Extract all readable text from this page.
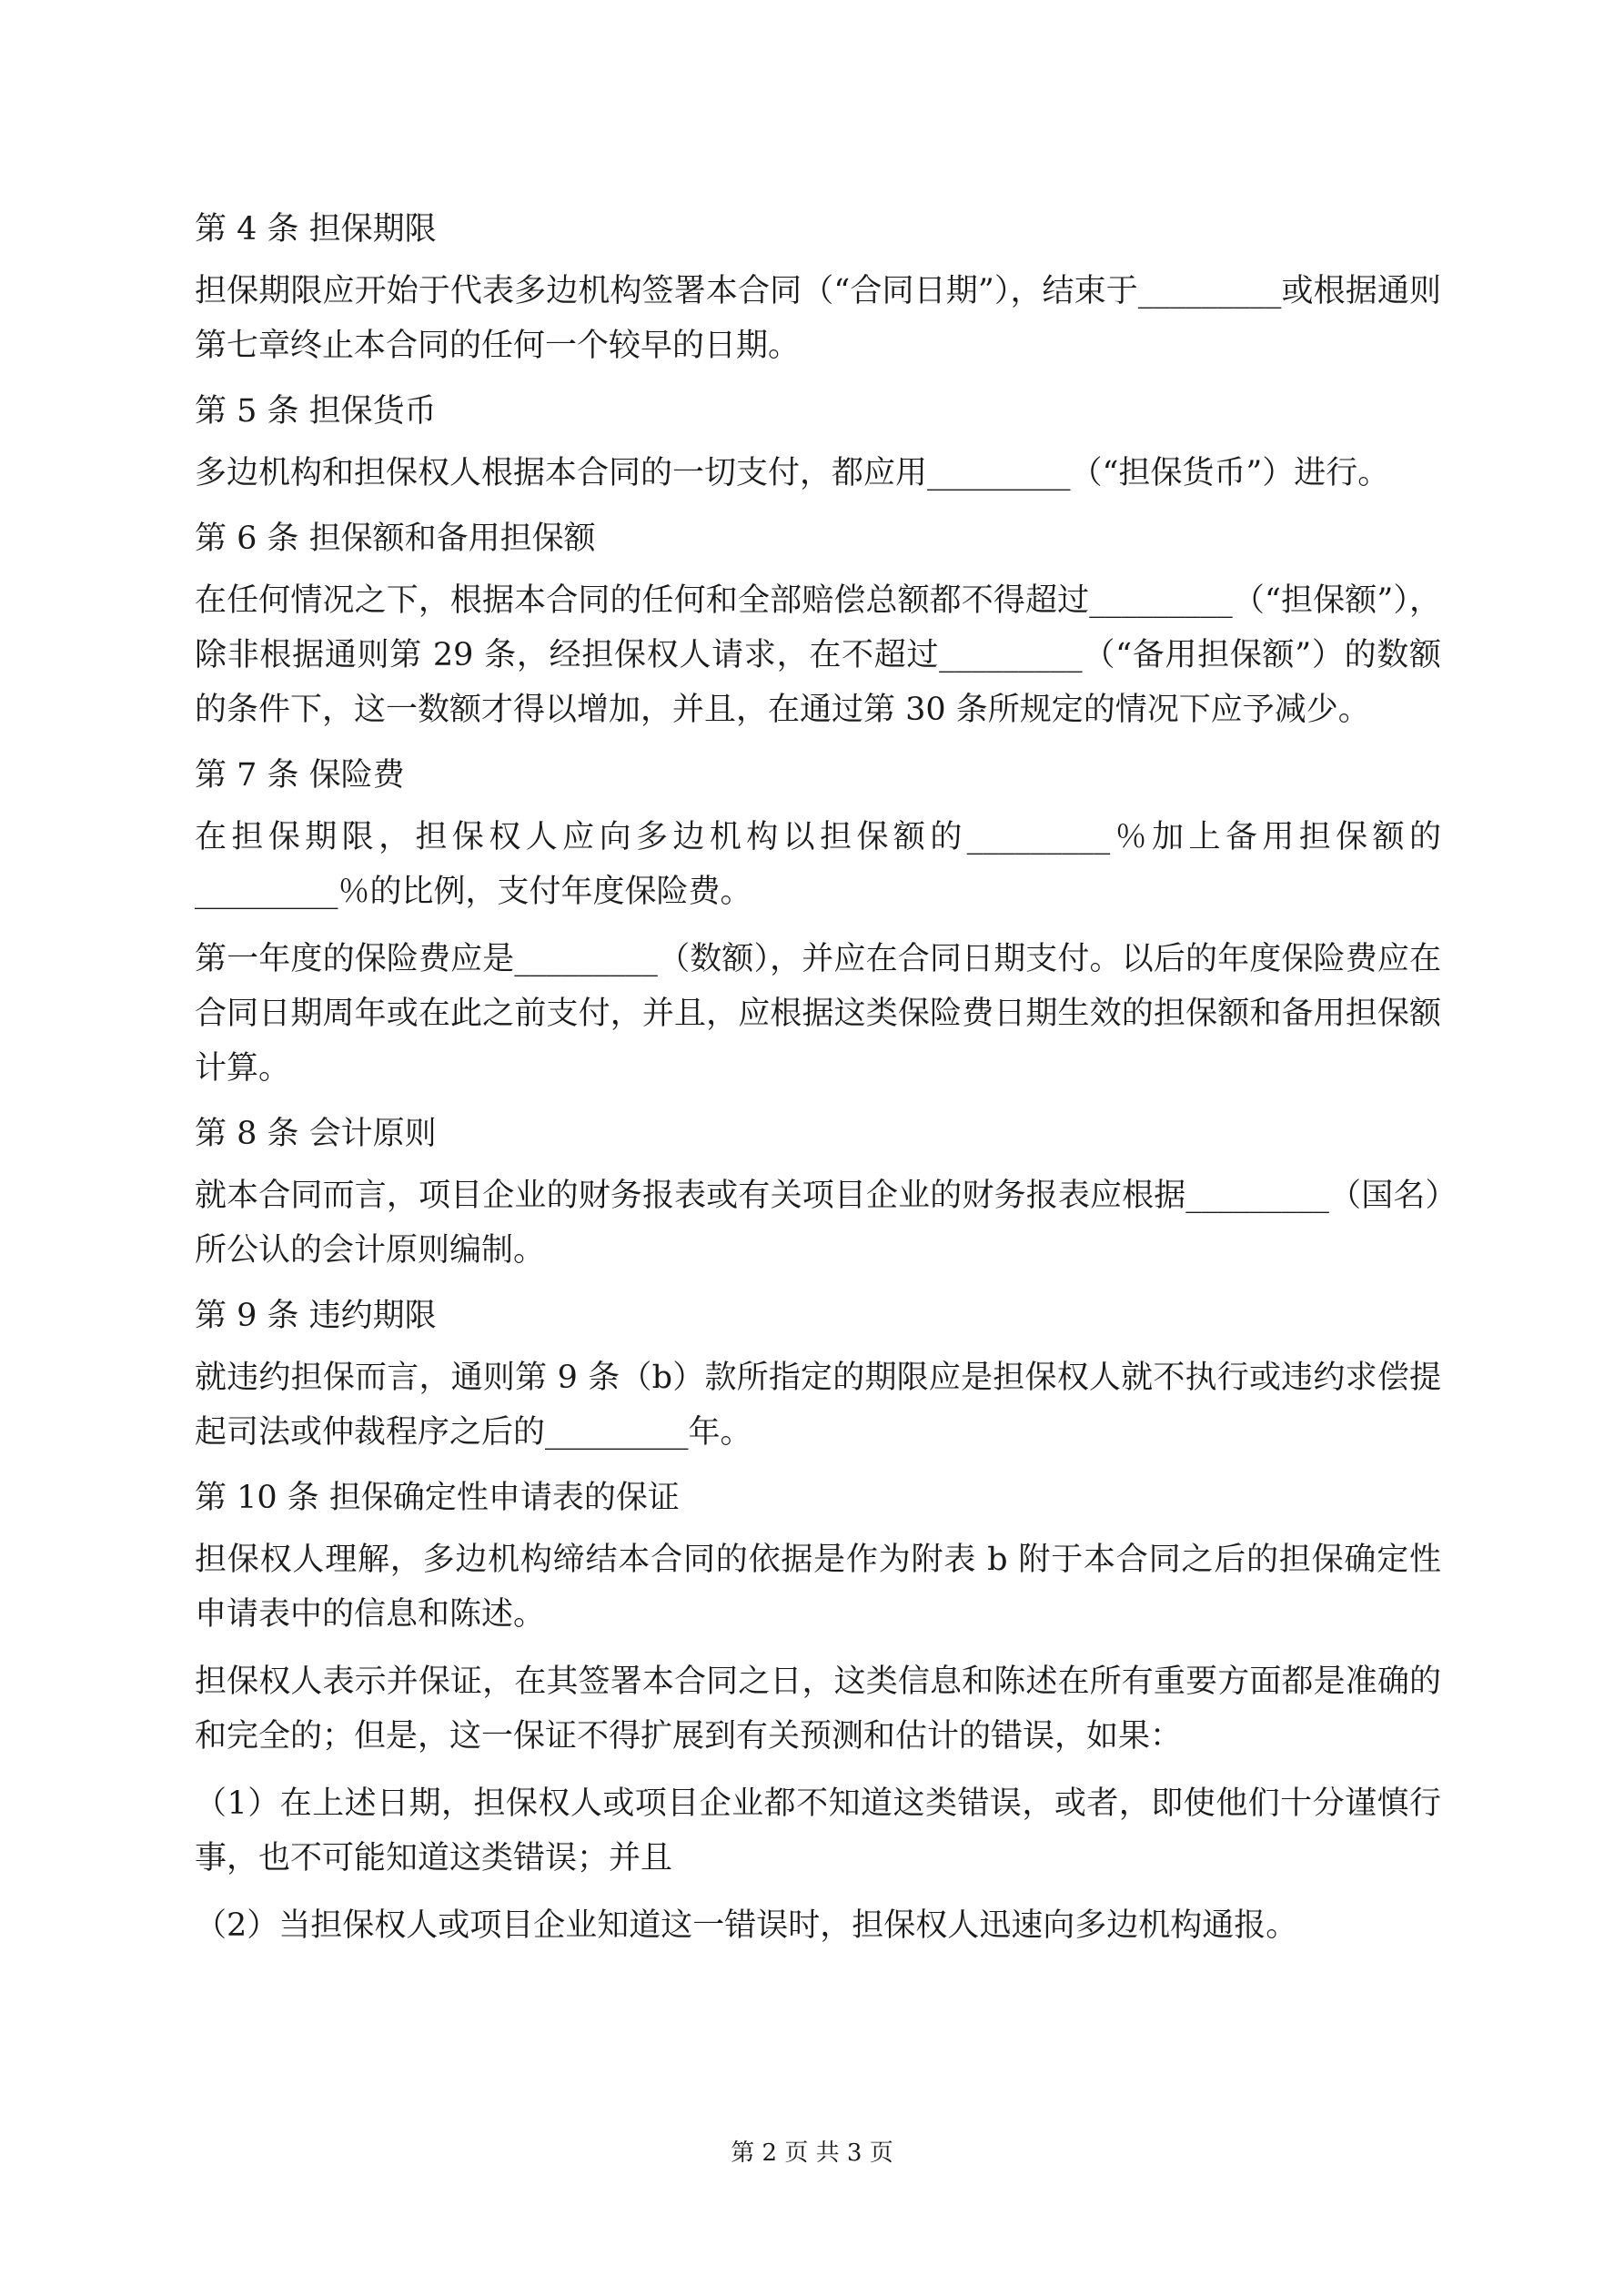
第 4 条 担保期限

担保期限应开始于代表多边机构签署本合同（“合同日期”），结束于_________或根据通则第七章终止本合同的任何一个较早的日期。

第 5 条 担保货币

多边机构和担保权人根据本合同的一切支付，都应用_________（“担保货币”）进行。

第 6 条 担保额和备用担保额

在任何情况之下，根据本合同的任何和全部赔偿总额都不得超过_________（“担保额”），除非根据通则第 29 条，经担保权人请求，在不超过_________（“备用担保额”）的数额的条件下，这一数额才得以增加，并且，在通过第 30 条所规定的情况下应予减少。

第 7 条 保险费

在担保期限，担保权人应向多边机构以担保额的_________％加上备用担保额的_________％的比例，支付年度保险费。

第一年度的保险费应是_________（数额），并应在合同日期支付。以后的年度保险费应在合同日期周年或在此之前支付，并且，应根据这类保险费日期生效的担保额和备用担保额计算。

第 8 条 会计原则

就本合同而言，项目企业的财务报表或有关项目企业的财务报表应根据_________（国名）所公认的会计原则编制。

第 9 条 违约期限

就违约担保而言，通则第 9 条（b）款所指定的期限应是担保权人就不执行或违约求偿提起司法或仲裁程序之后的_________年。

第 10 条 担保确定性申请表的保证

担保权人理解，多边机构缔结本合同的依据是作为附表 b 附于本合同之后的担保确定性申请表中的信息和陈述。

担保权人表示并保证，在其签署本合同之日，这类信息和陈述在所有重要方面都是准确的和完全的；但是，这一保证不得扩展到有关预测和估计的错误，如果：

（1）在上述日期，担保权人或项目企业都不知道这类错误，或者，即使他们十分谨慎行事，也不可能知道这类错误；并且

（2）当担保权人或项目企业知道这一错误时，担保权人迅速向多边机构通报。

第 2 页 共 3 页
